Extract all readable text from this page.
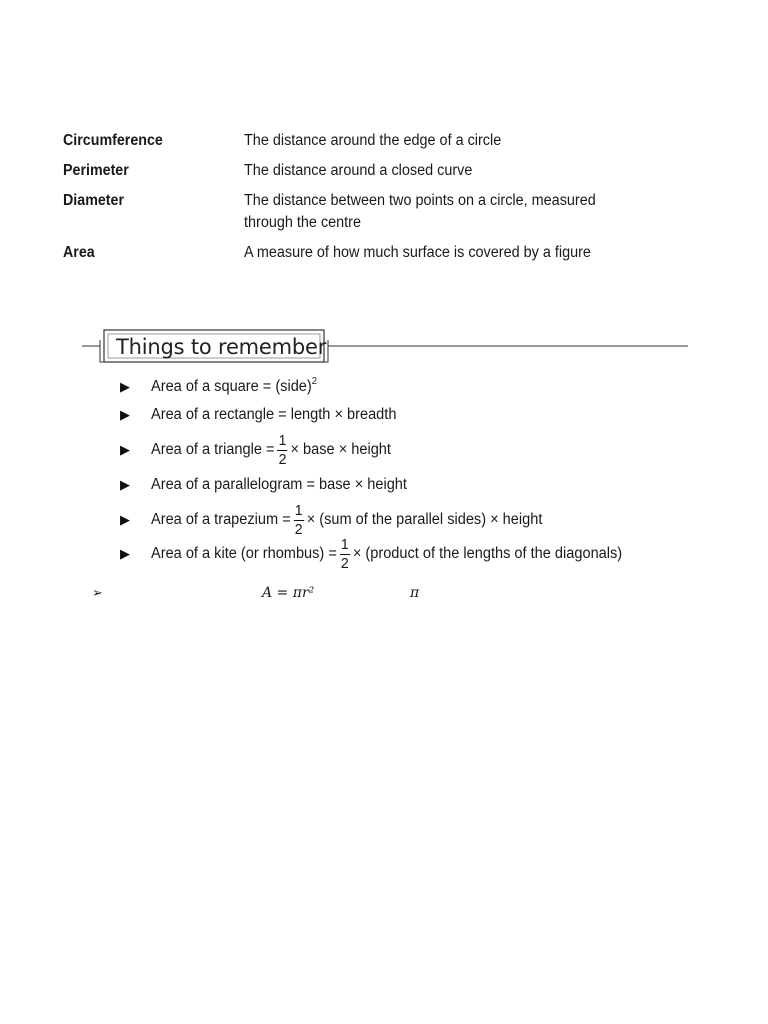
Circumference	The distance around the edge of a circle
Perimeter	The distance around a closed curve
Diameter	The distance between two points on a circle, measured through the centre
Area	A measure of how much surface is covered by a figure
Things to remember
▶	Area of a square = (side) 2
▶	Area of a rectangle = length × breadth
▶	Area of a triangle = $\frac{1}{2}$ × base × height
▶	Area of a parallelogram = base × height
▶	Area of a trapezium = $\frac{1}{2} \times (sum$ of the parallel sides) × height
▶	Area of a kite (or rhombus) = $\frac{1}{2}$ × (product of the lengths of the diagonals)
➢	A = πr²	π
